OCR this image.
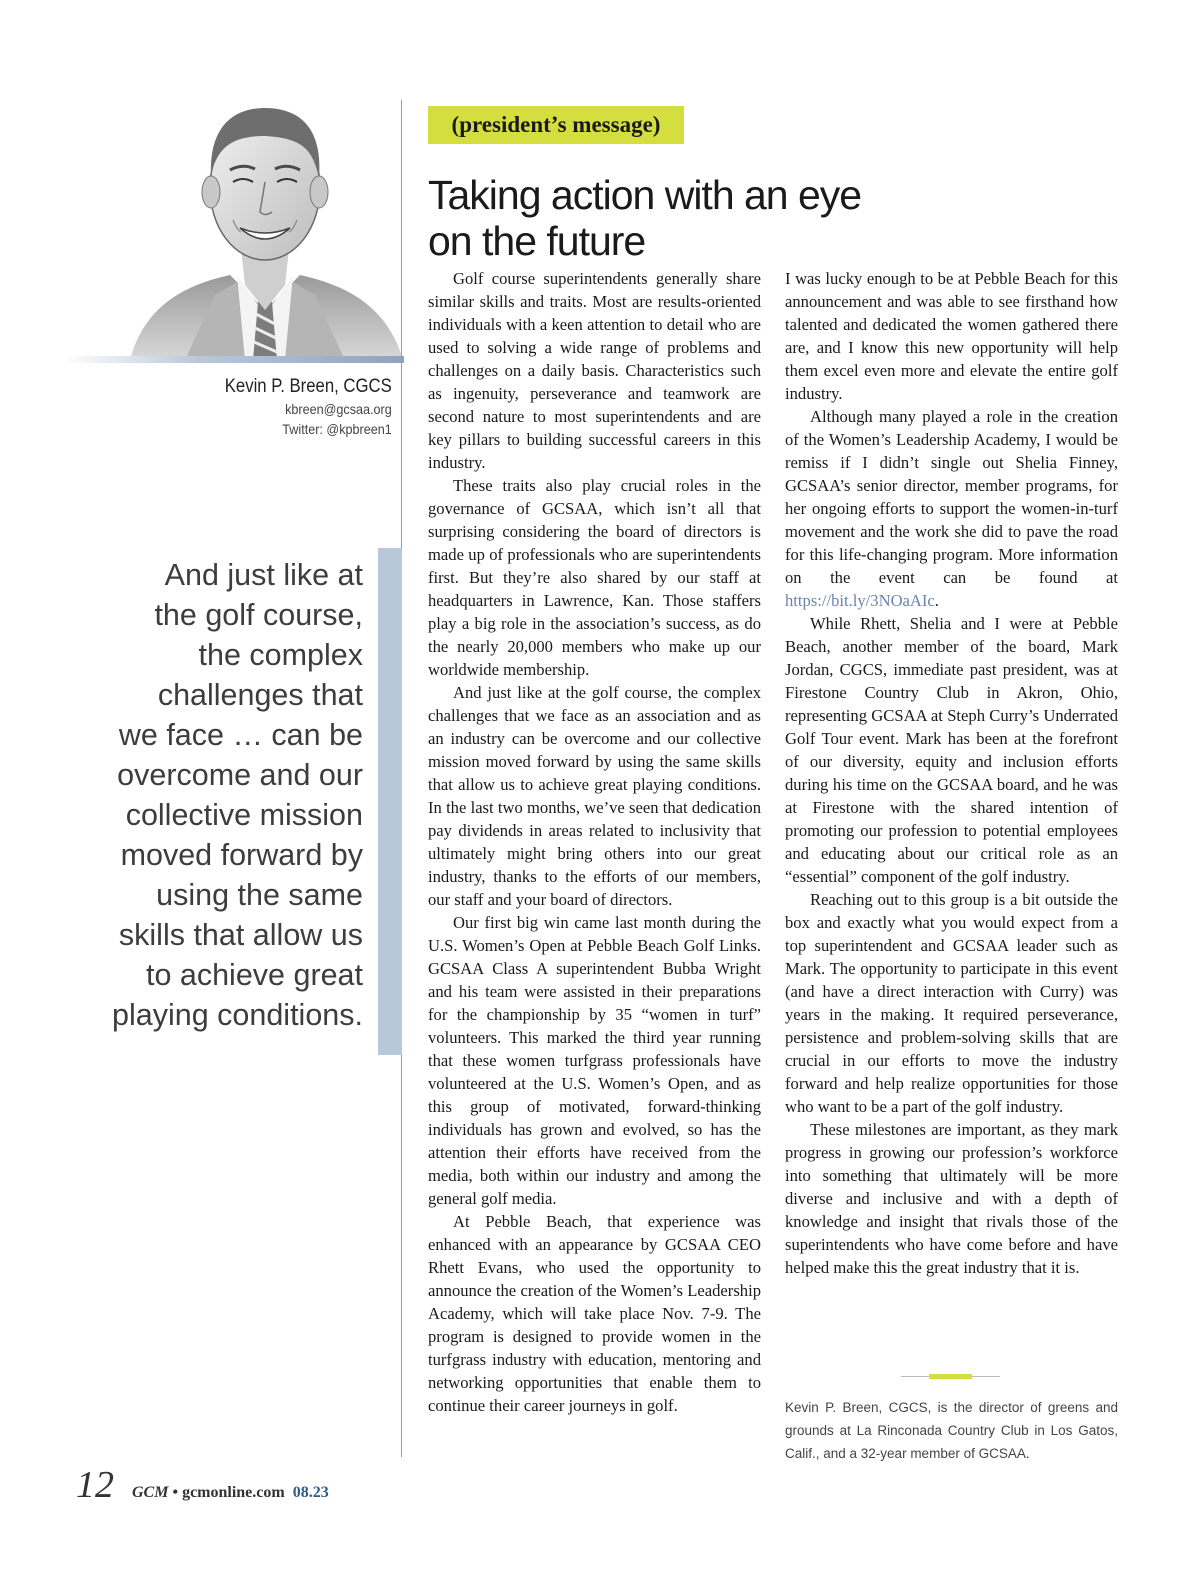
Kevin P. Breen, CGCS
kbreen@gcsaa.org
Twitter: @kpbreen1
And just like at
the golf course,
the complex
challenges that
we face … can be
overcome and our
collective mission
moved forward by
using the same
skills that allow us
to achieve great
playing conditions.
(president’s message)
Taking action with an eye
on the future

Golf course superintendents generally share similar skills and traits. Most are results-oriented individuals with a keen attention to detail who are used to solving a wide range of problems and challenges on a daily basis. Characteristics such as ingenuity, perseverance and teamwork are second nature to most superintendents and are key pillars to building successful careers in this industry.

These traits also play crucial roles in the governance of GCSAA, which isn’t all that surprising considering the board of directors is made up of professionals who are superintendents first. But they’re also shared by our staff at headquarters in Lawrence, Kan. Those staffers play a big role in the association’s success, as do the nearly 20,000 members who make up our worldwide membership.

And just like at the golf course, the complex challenges that we face as an association and as an industry can be overcome and our collective mission moved forward by using the same skills that allow us to achieve great playing conditions. In the last two months, we’ve seen that dedication pay dividends in areas related to inclusivity that ultimately might bring others into our great industry, thanks to the efforts of our members, our staff and your board of directors.

Our first big win came last month during the U.S. Women’s Open at Pebble Beach Golf Links. GCSAA Class A superintendent Bubba Wright and his team were assisted in their preparations for the championship by 35 “women in turf” volunteers. This marked the third year running that these women turfgrass professionals have volunteered at the U.S. Women’s Open, and as this group of motivated, forward-thinking individuals has grown and evolved, so has the attention their efforts have received from the media, both within our industry and among the general golf media.

At Pebble Beach, that experience was enhanced with an appearance by GCSAA CEO Rhett Evans, who used the opportunity to announce the creation of the Women’s Leadership Academy, which will take place Nov. 7-9. The program is designed to provide women in the turfgrass industry with education, mentoring and networking opportunities that enable them to continue their career journeys in golf.

I was lucky enough to be at Pebble Beach for this announcement and was able to see firsthand how talented and dedicated the women gathered there are, and I know this new opportunity will help them excel even more and elevate the entire golf industry.

Although many played a role in the creation of the Women’s Leadership Academy, I would be remiss if I didn’t single out Shelia Finney, GCSAA’s senior director, member programs, for her ongoing efforts to support the women-in-turf movement and the work she did to pave the road for this life-changing program. More information on the event can be found at https://bit.ly/3NOaAIc.

While Rhett, Shelia and I were at Pebble Beach, another member of the board, Mark Jordan, CGCS, immediate past president, was at Firestone Country Club in Akron, Ohio, representing GCSAA at Steph Curry’s Underrated Golf Tour event. Mark has been at the forefront of our diversity, equity and inclusion efforts during his time on the GCSAA board, and he was at Firestone with the shared intention of promoting our profession to potential employees and educating about our critical role as an “essential” component of the golf industry.

Reaching out to this group is a bit outside the box and exactly what you would expect from a top superintendent and GCSAA leader such as Mark. The opportunity to participate in this event (and have a direct interaction with Curry) was years in the making. It required perseverance, persistence and problem-solving skills that are crucial in our efforts to move the industry forward and help realize opportunities for those who want to be a part of the golf industry.

These milestones are important, as they mark progress in growing our profession’s workforce into something that ultimately will be more diverse and inclusive and with a depth of knowledge and insight that rivals those of the superintendents who have come before and have helped make this the great industry that it is.

Kevin P. Breen, CGCS, is the director of greens and grounds at La Rinconada Country Club in Los Gatos, Calif., and a 32-year member of GCSAA.
12 GCM • gcmonline.com 08.23
